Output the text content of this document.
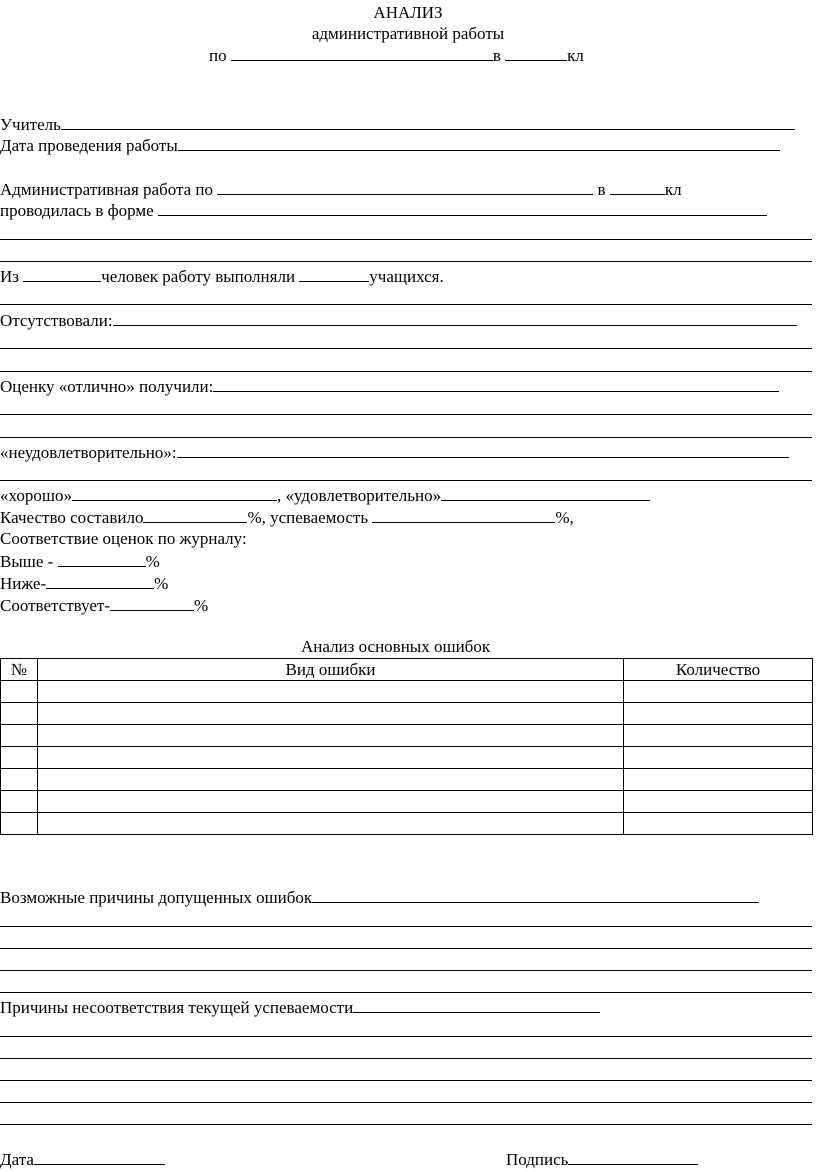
АНАЛИЗ
административной работы
по	в	кл
Учитель
Дата проведения работы
Административная работа по	в	кл
проводилась в форме
Из	человек работу выполняли	учащихся.
Отсутствовали:
Оценку «отлично» получили:
«неудовлетворительно»:
«хорошо»	, «удовлетворительно»
Качество составило	%, успеваемость	%,
Соответствие оценок по журналу:
Выше -	%
Ниже-	%
Соответствует-	%
Анализ основных ошибок
№	Вид ошибки	Количество

Возможные причины допущенных ошибок
Причины несоответствия текущей успеваемости
Дата	Подпись
